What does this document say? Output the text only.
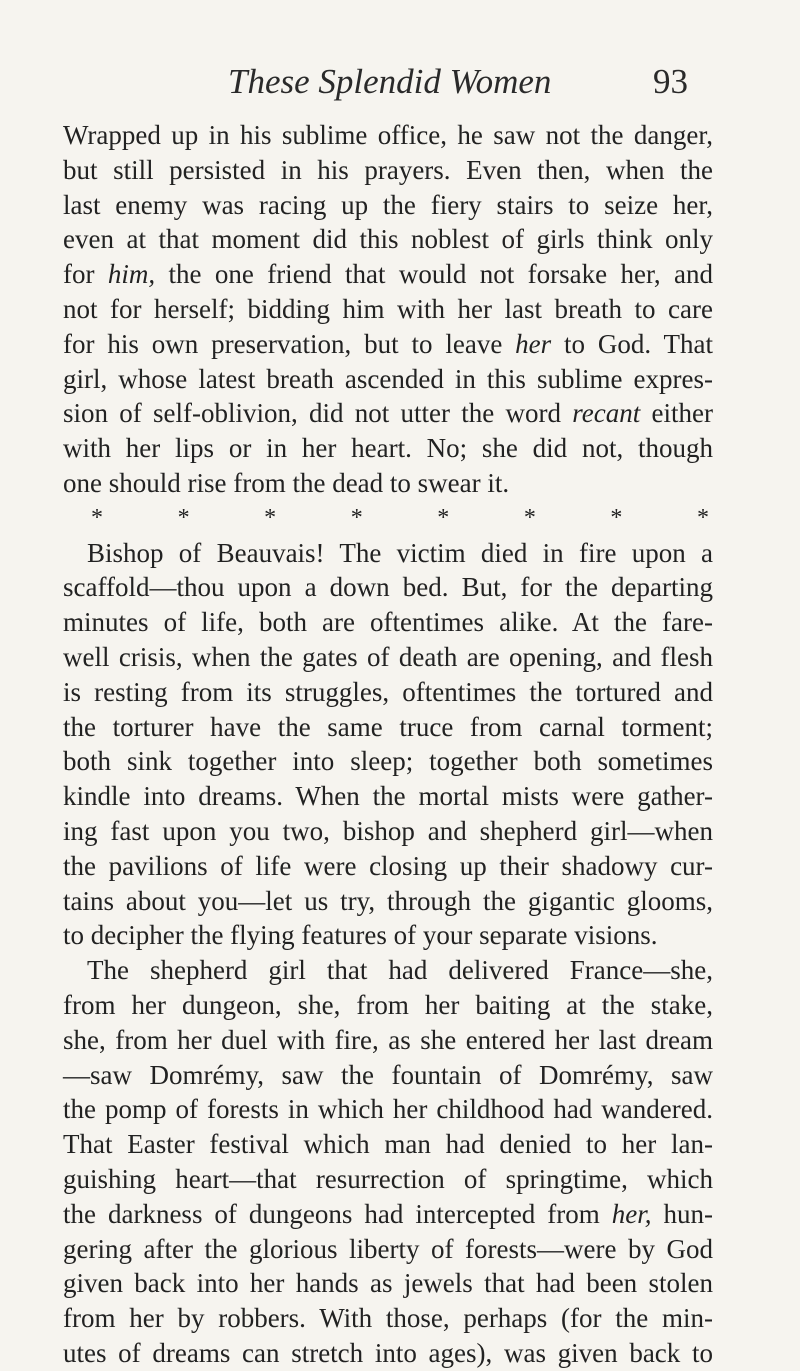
These Splendid Women	93
Wrapped up in his sublime office, he saw not the danger,
but still persisted in his prayers. Even then, when the
last enemy was racing up the fiery stairs to seize her,
even at that moment did this noblest of girls think only
for him, the one friend that would not forsake her, and
not for herself; bidding him with her last breath to care
for his own preservation, but to leave her to God. That
girl, whose latest breath ascended in this sublime expres-
sion of self-oblivion, did not utter the word recant either
with her lips or in her heart. No; she did not, though
one should rise from the dead to swear it.
*	*	*	*	*	*	*	*
Bishop of Beauvais! The victim died in fire upon a
scaffold—thou upon a down bed. But, for the departing
minutes of life, both are oftentimes alike. At the fare-
well crisis, when the gates of death are opening, and flesh
is resting from its struggles, oftentimes the tortured and
the torturer have the same truce from carnal torment;
both sink together into sleep; together both sometimes
kindle into dreams. When the mortal mists were gather-
ing fast upon you two, bishop and shepherd girl—when
the pavilions of life were closing up their shadowy cur-
tains about you—let us try, through the gigantic glooms,
to decipher the flying features of your separate visions.
The shepherd girl that had delivered France—she,
from her dungeon, she, from her baiting at the stake,
she, from her duel with fire, as she entered her last dream
—saw Domrémy, saw the fountain of Domrémy, saw
the pomp of forests in which her childhood had wandered.
That Easter festival which man had denied to her lan-
guishing heart—that resurrection of springtime, which
the darkness of dungeons had intercepted from her, hun-
gering after the glorious liberty of forests—were by God
given back into her hands as jewels that had been stolen
from her by robbers. With those, perhaps (for the min-
utes of dreams can stretch into ages), was given back to
